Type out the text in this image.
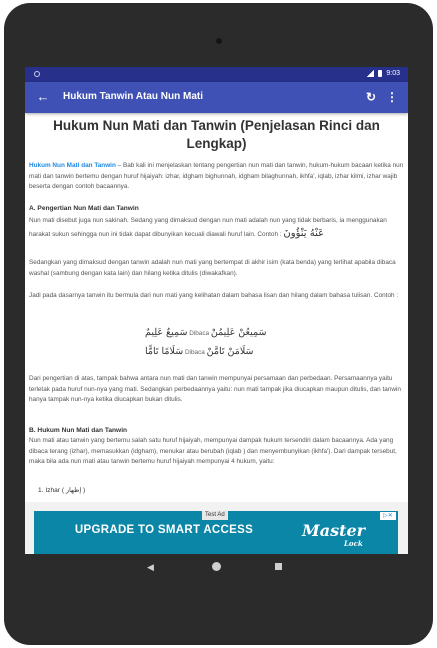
9:03
← Hukum Tanwin Atau Nun Mati	↻ ⋮
Hukum Nun Mati dan Tanwin (Penjelasan Rinci dan Lengkap)
Hukum Nun Mati dan Tanwin – Bab kali ini menjelaskan tentang pengertian nun mati dan tanwin, hukum-hukum bacaan ketika nun mati dan tanwin bertemu dengan huruf hijaiyah: izhar, idgham bighunnah, idgham bilaghunnah, ikhfa', iqlab, izhar kilmi, izhar wajib beserta dengan contoh bacaannya.
A. Pengertian Nun Mati dan Tanwin
Nun mati disebut juga nun sakinah. Sedang yang dimaksud dengan nun mati adalah nun yang tidak berbaris, ia menggunakan harakat sukun sehingga nun ini tidak dapat dibunyikan kecuali diawali huruf lain. Contoh : عَنْهُ يَنْؤُونَ
Sedangkan yang dimaksud dengan tanwin adalah nun mati yang bertempat di akhir isim (kata benda) yang terlihat apabila dibaca washal (sambung dengan kata lain) dan hilang ketika ditulis (diwakafkan).
Jadi pada dasarnya tanwin itu bermula dari nun mati yang kelihatan dalam bahasa lisan dan hilang dalam bahasa tulisan. Contoh :
سَمِيعٌ عَلِيمٌ Dibaca سَمِيعُنْ عَلِيمُنْ
سَلَامًا تَامًّا Dibaca سَلَامَنْ تَامَّنْ
Dari pengertian di atas, tampak bahwa antara nun mati dan tanwin mempunyai persamaan dan perbedaan. Persamaannya yaitu terletak pada huruf nun-nya yang mati. Sedangkan perbedaannya yaitu: nun mati tampak jika diucapkan maupun ditulis, dan tanwin hanya tampak nun-nya ketika diucapkan bukan ditulis.
B. Hukum Nun Mati dan Tanwin
Nun mati atau tanwin yang bertemu salah satu huruf hijaiyah, mempunyai dampak hukum tersendiri dalam bacaannya. Ada yang dibaca terang (izhar), memasukkan (idgham), menukar atau berubah (iqlab ) dan menyembunyikan (ikhfa'). Dari dampak tersebut, maka bila ada nun mati atau tanwin bertemu huruf hijaiyah mempunyai 4 hukum, yaitu:
1. Izhar ( إظهار )
Test Ad	▷✕
UPGRADE TO SMART ACCESS	Master
Lock
◀
